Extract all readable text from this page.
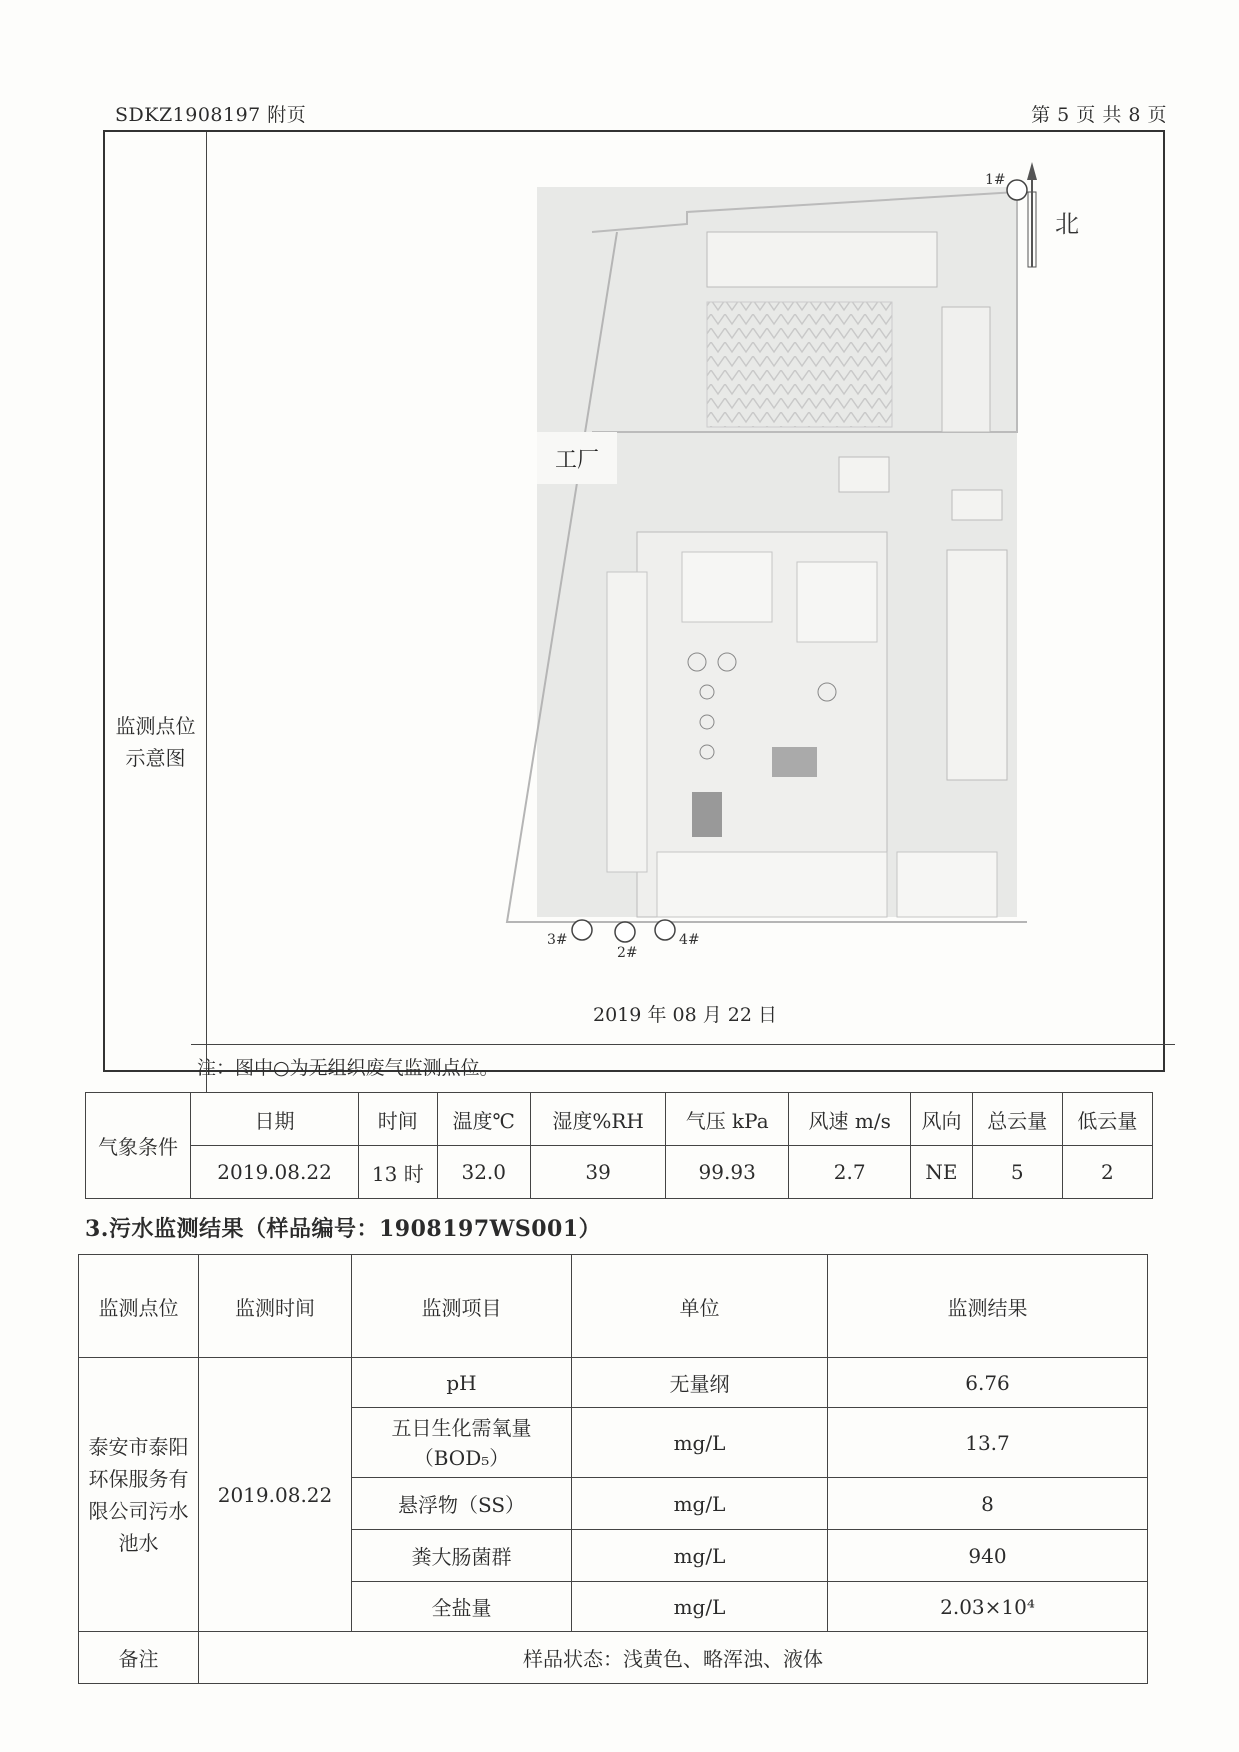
SDKZ1908197 附页	第 5 页 共 8 页
监测点位
示意图
工厂
北
1#
3#
2#
4#
2019 年 08 月 22 日
注：图中○为无组织废气监测点位。
气象条件	日期	时间	温度℃	湿度%RH	气压 kPa	风速 m/s	风向	总云量	低云量
	2019.08.22	13 时	32.0	39	99.93	2.7	NE	5	2
3.污水监测结果（样品编号：1908197WS001）
监测点位	监测时间	监测项目	单位	监测结果
泰安市泰阳环保服务有限公司污水池水	2019.08.22	pH	无量纲	6.76
		五日生化需氧量（BOD₅）	mg/L	13.7
		悬浮物（SS）	mg/L	8
		粪大肠菌群	mg/L	940
		全盐量	mg/L	2.03×10⁴
备注	样品状态：浅黄色、略浑浊、液体			
